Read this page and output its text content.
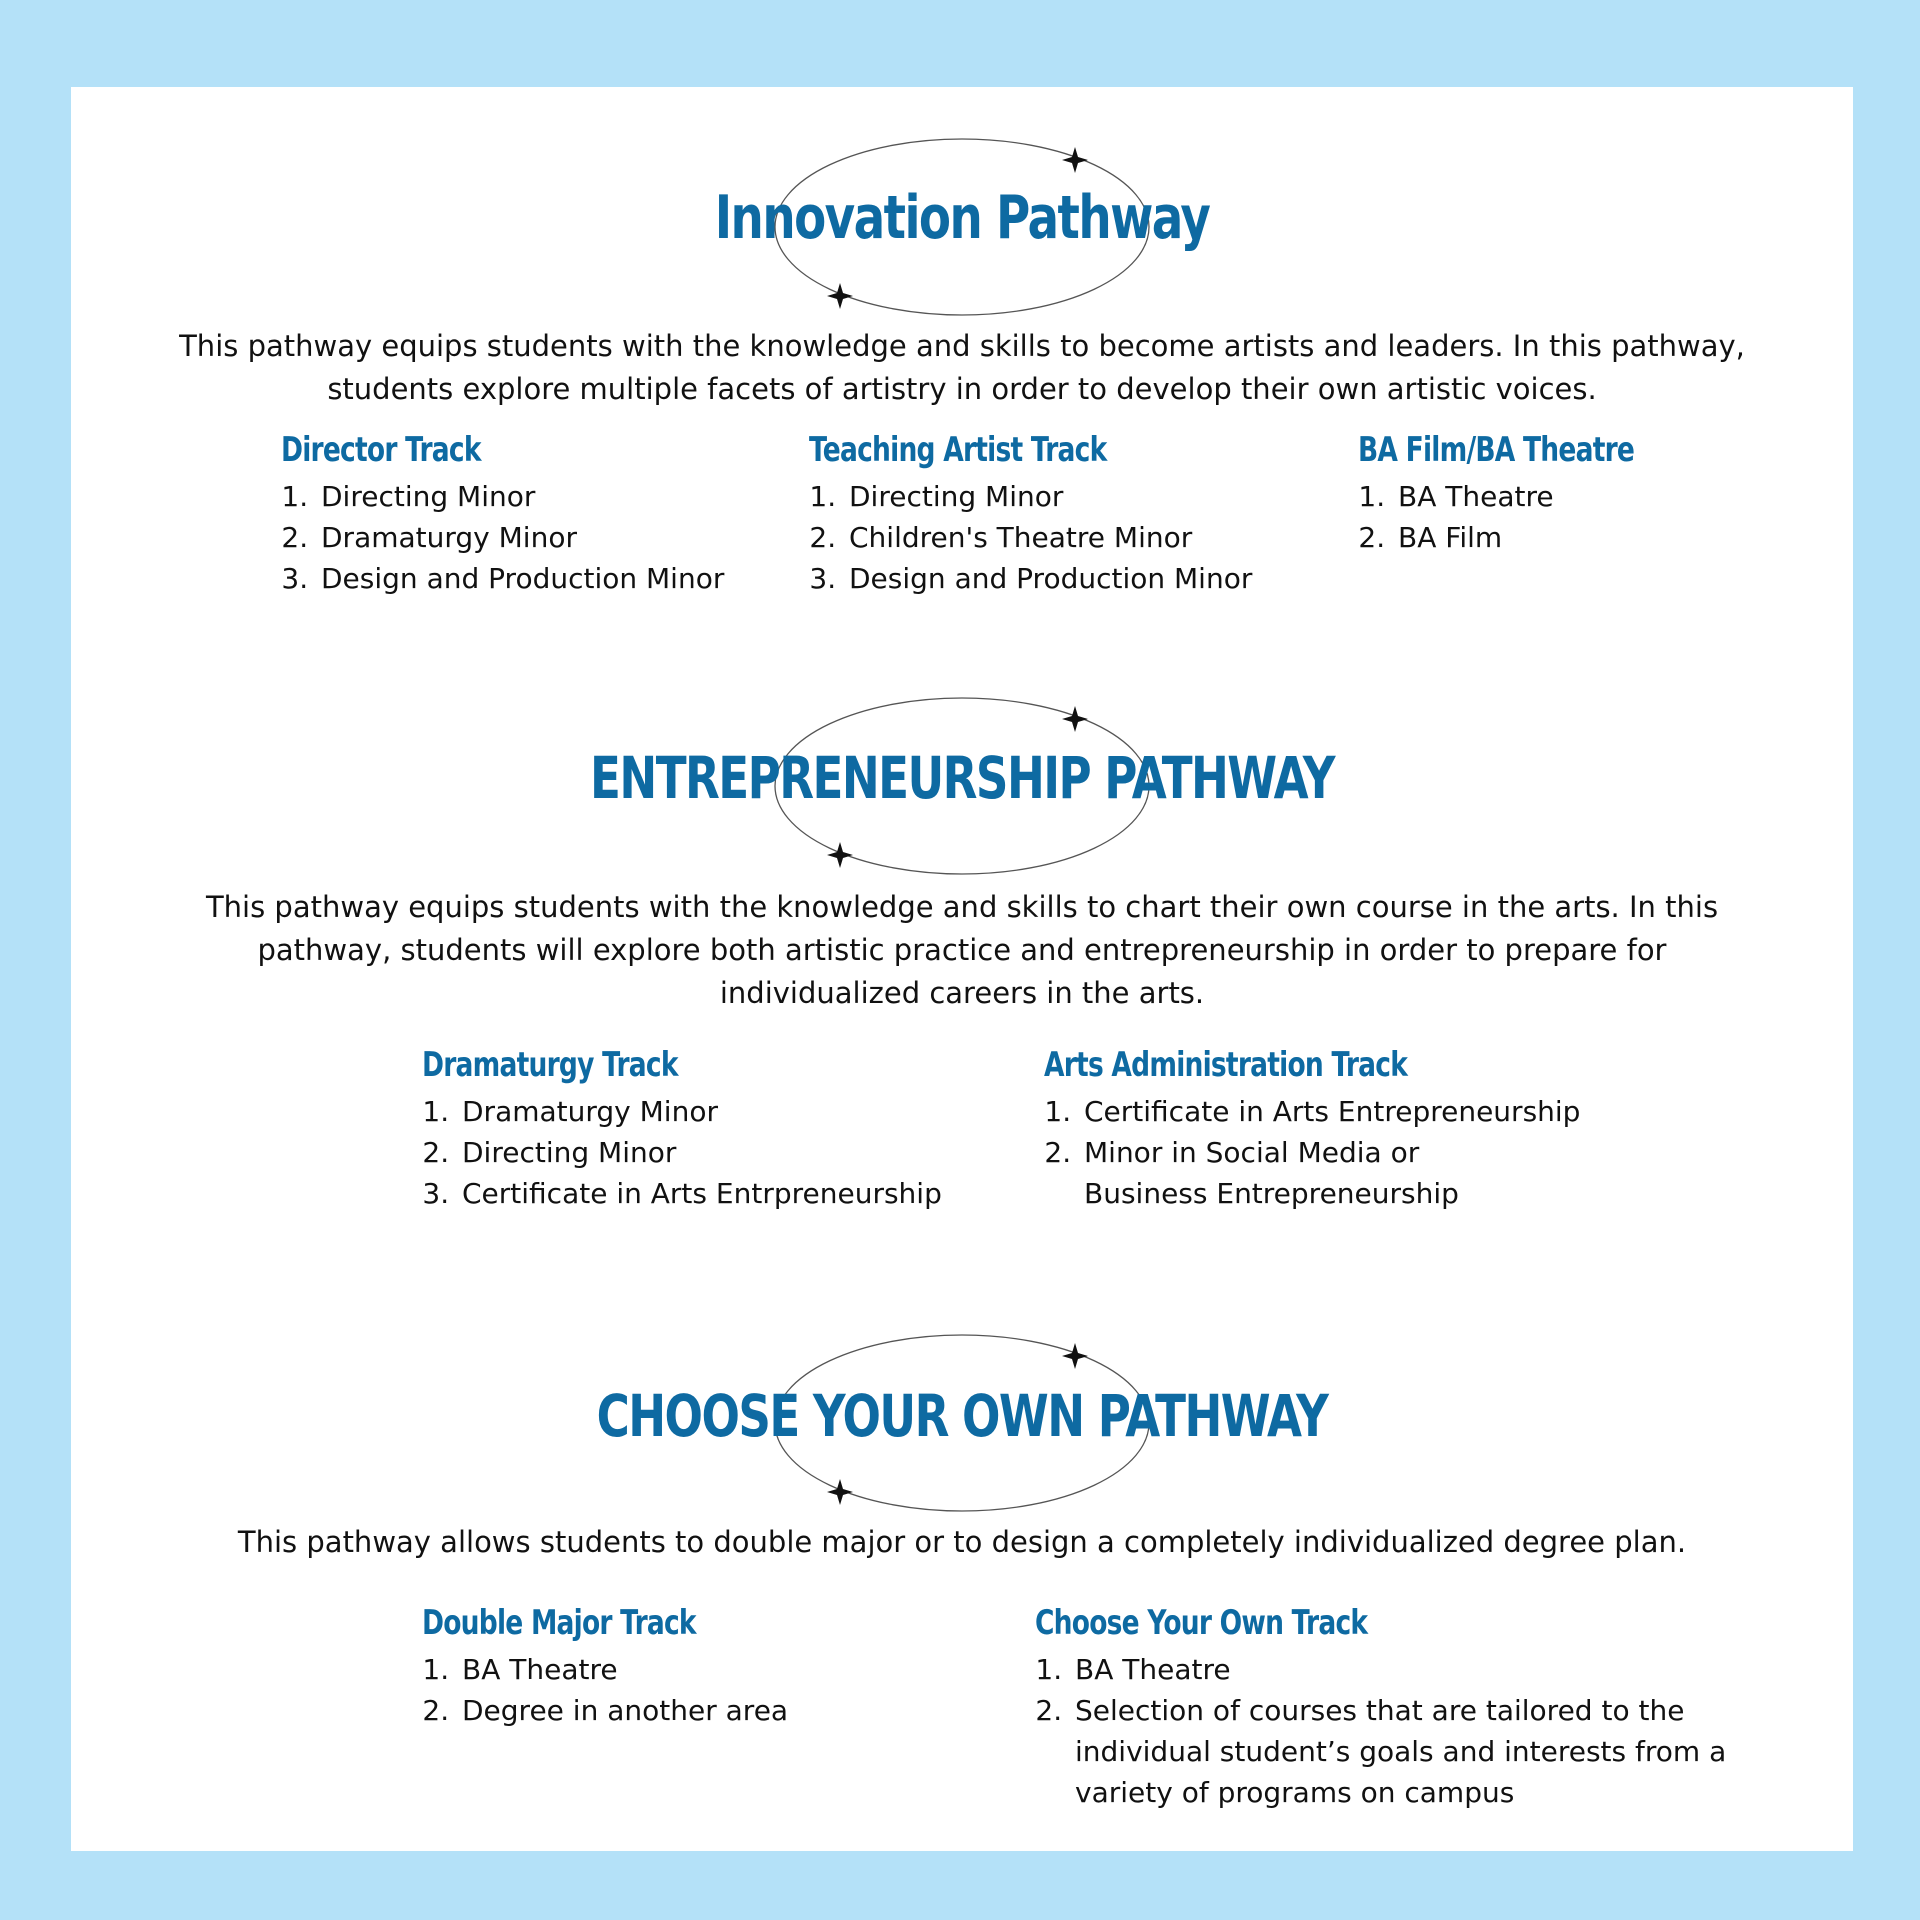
Innovation Pathway
This pathway equips students with the knowledge and skills to become artists and leaders. In this pathway, students explore multiple facets of artistry in order to develop their own artistic voices.
Director Track
1. Directing Minor
2. Dramaturgy Minor
3. Design and Production Minor
Teaching Artist Track
1. Directing Minor
2. Children's Theatre Minor
3. Design and Production Minor
BA Film/BA Theatre
1. BA Theatre
2. BA Film
ENTREPRENEURSHIP PATHWAY
This pathway equips students with the knowledge and skills to chart their own course in the arts. In this pathway, students will explore both artistic practice and entrepreneurship in order to prepare for individualized careers in the arts.
Dramaturgy Track
1. Dramaturgy Minor
2. Directing Minor
3. Certificate in Arts Entrpreneurship
Arts Administration Track
1. Certificate in Arts Entrepreneurship
2. Minor in Social Media or Business Entrepreneurship
CHOOSE YOUR OWN PATHWAY
This pathway allows students to double major or to design a completely individualized degree plan.
Double Major Track
1. BA Theatre
2. Degree in another area
Choose Your Own Track
1. BA Theatre
2. Selection of courses that are tailored to the individual student’s goals and interests from a variety of programs on campus
